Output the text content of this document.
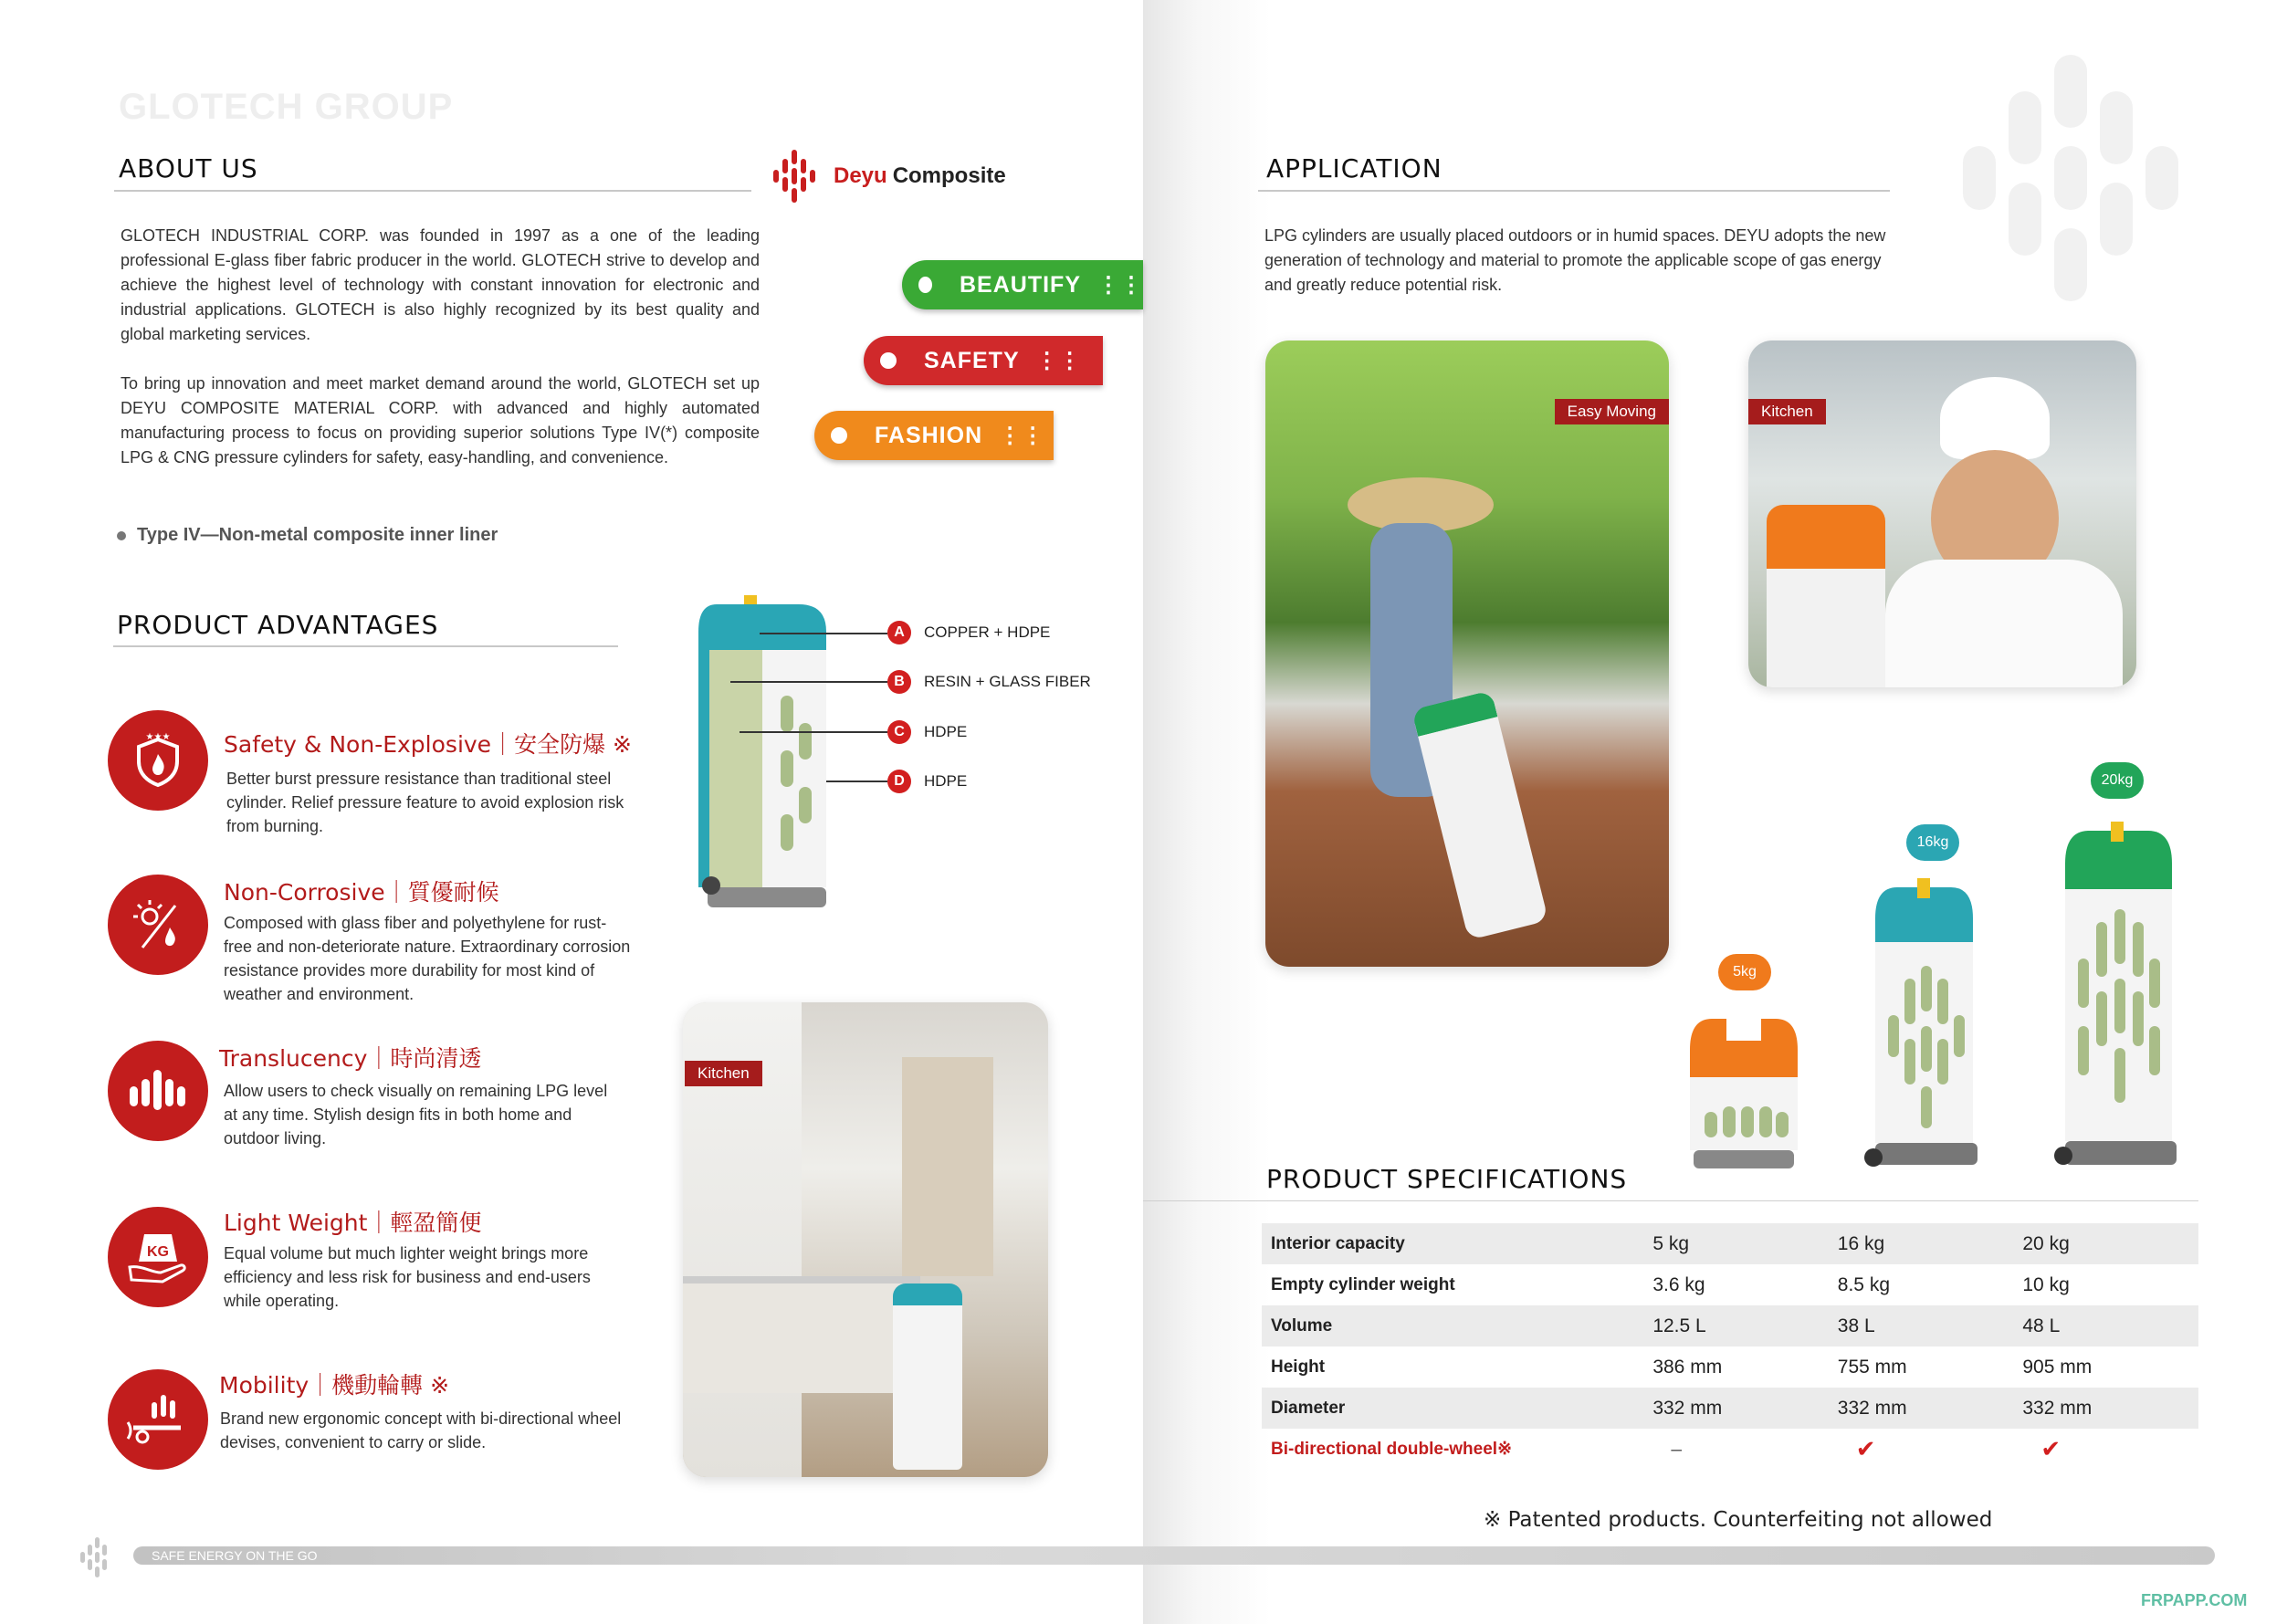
GLOTECH GROUP
ABOUT US	Deyu Composite
GLOTECH INDUSTRIAL CORP. was founded in 1997 as a one of the leading professional E-glass fiber fabric producer in the world. GLOTECH strive to develop and achieve the highest level of technology with constant innovation for electronic and industrial applications. GLOTECH is also highly recognized by its best quality and global marketing services.
To bring up innovation and meet market demand around the world, GLOTECH set up DEYU COMPOSITE MATERIAL CORP. with advanced and highly automated manufacturing process to focus on providing superior solutions Type IV(*) composite LPG & CNG pressure cylinders for safety, easy-handling, and convenience.
Type IV—Non-metal composite inner liner
BEAUTIFY ⋮⋮
SAFETY ⋮⋮
FASHION ⋮⋮
PRODUCT ADVANTAGES
★★★ Safety & Non-Explosive｜安全防爆 ※
Better burst pressure resistance than traditional steel cylinder. Relief pressure feature to avoid explosion risk from burning.
Non-Corrosive｜質優耐候
Composed with glass fiber and polyethylene for rust-free and non-deteriorate nature. Extraordinary corrosion resistance provides more durability for most kind of weather and environment.
Translucency｜時尚清透
Allow users to check visually on remaining LPG level at any time. Stylish design fits in both home and outdoor living.
KG
Light Weight｜輕盈簡便
Equal volume but much lighter weight brings more efficiency and less risk for business and end-users while operating.
Mobility｜機動輪轉 ※
Brand new ergonomic concept with bi-directional wheel devises, convenient to carry or slide.
A	COPPER + HDPE
B	RESIN + GLASS FIBER
C	HDPE
D	HDPE
Kitchen
SAFE ENERGY ON THE GO
APPLICATION
LPG cylinders are usually placed outdoors or in humid spaces. DEYU adopts the new generation of technology and material to promote the applicable scope of gas energy and greatly reduce potential risk.
Easy Moving	Kitchen
5kg
16kg
20kg
PRODUCT SPECIFICATIONS
Interior capacity	5 kg	16 kg	20 kg
Empty cylinder weight	3.6 kg	8.5 kg	10 kg
Volume	12.5 L	38 L	48 L
Height	386 mm	755 mm	905 mm
Diameter	332 mm	332 mm	332 mm
Bi-directional double-wheel※	–	✔	✔
※ Patented products. Counterfeiting not allowed
FRPAPP.COM
